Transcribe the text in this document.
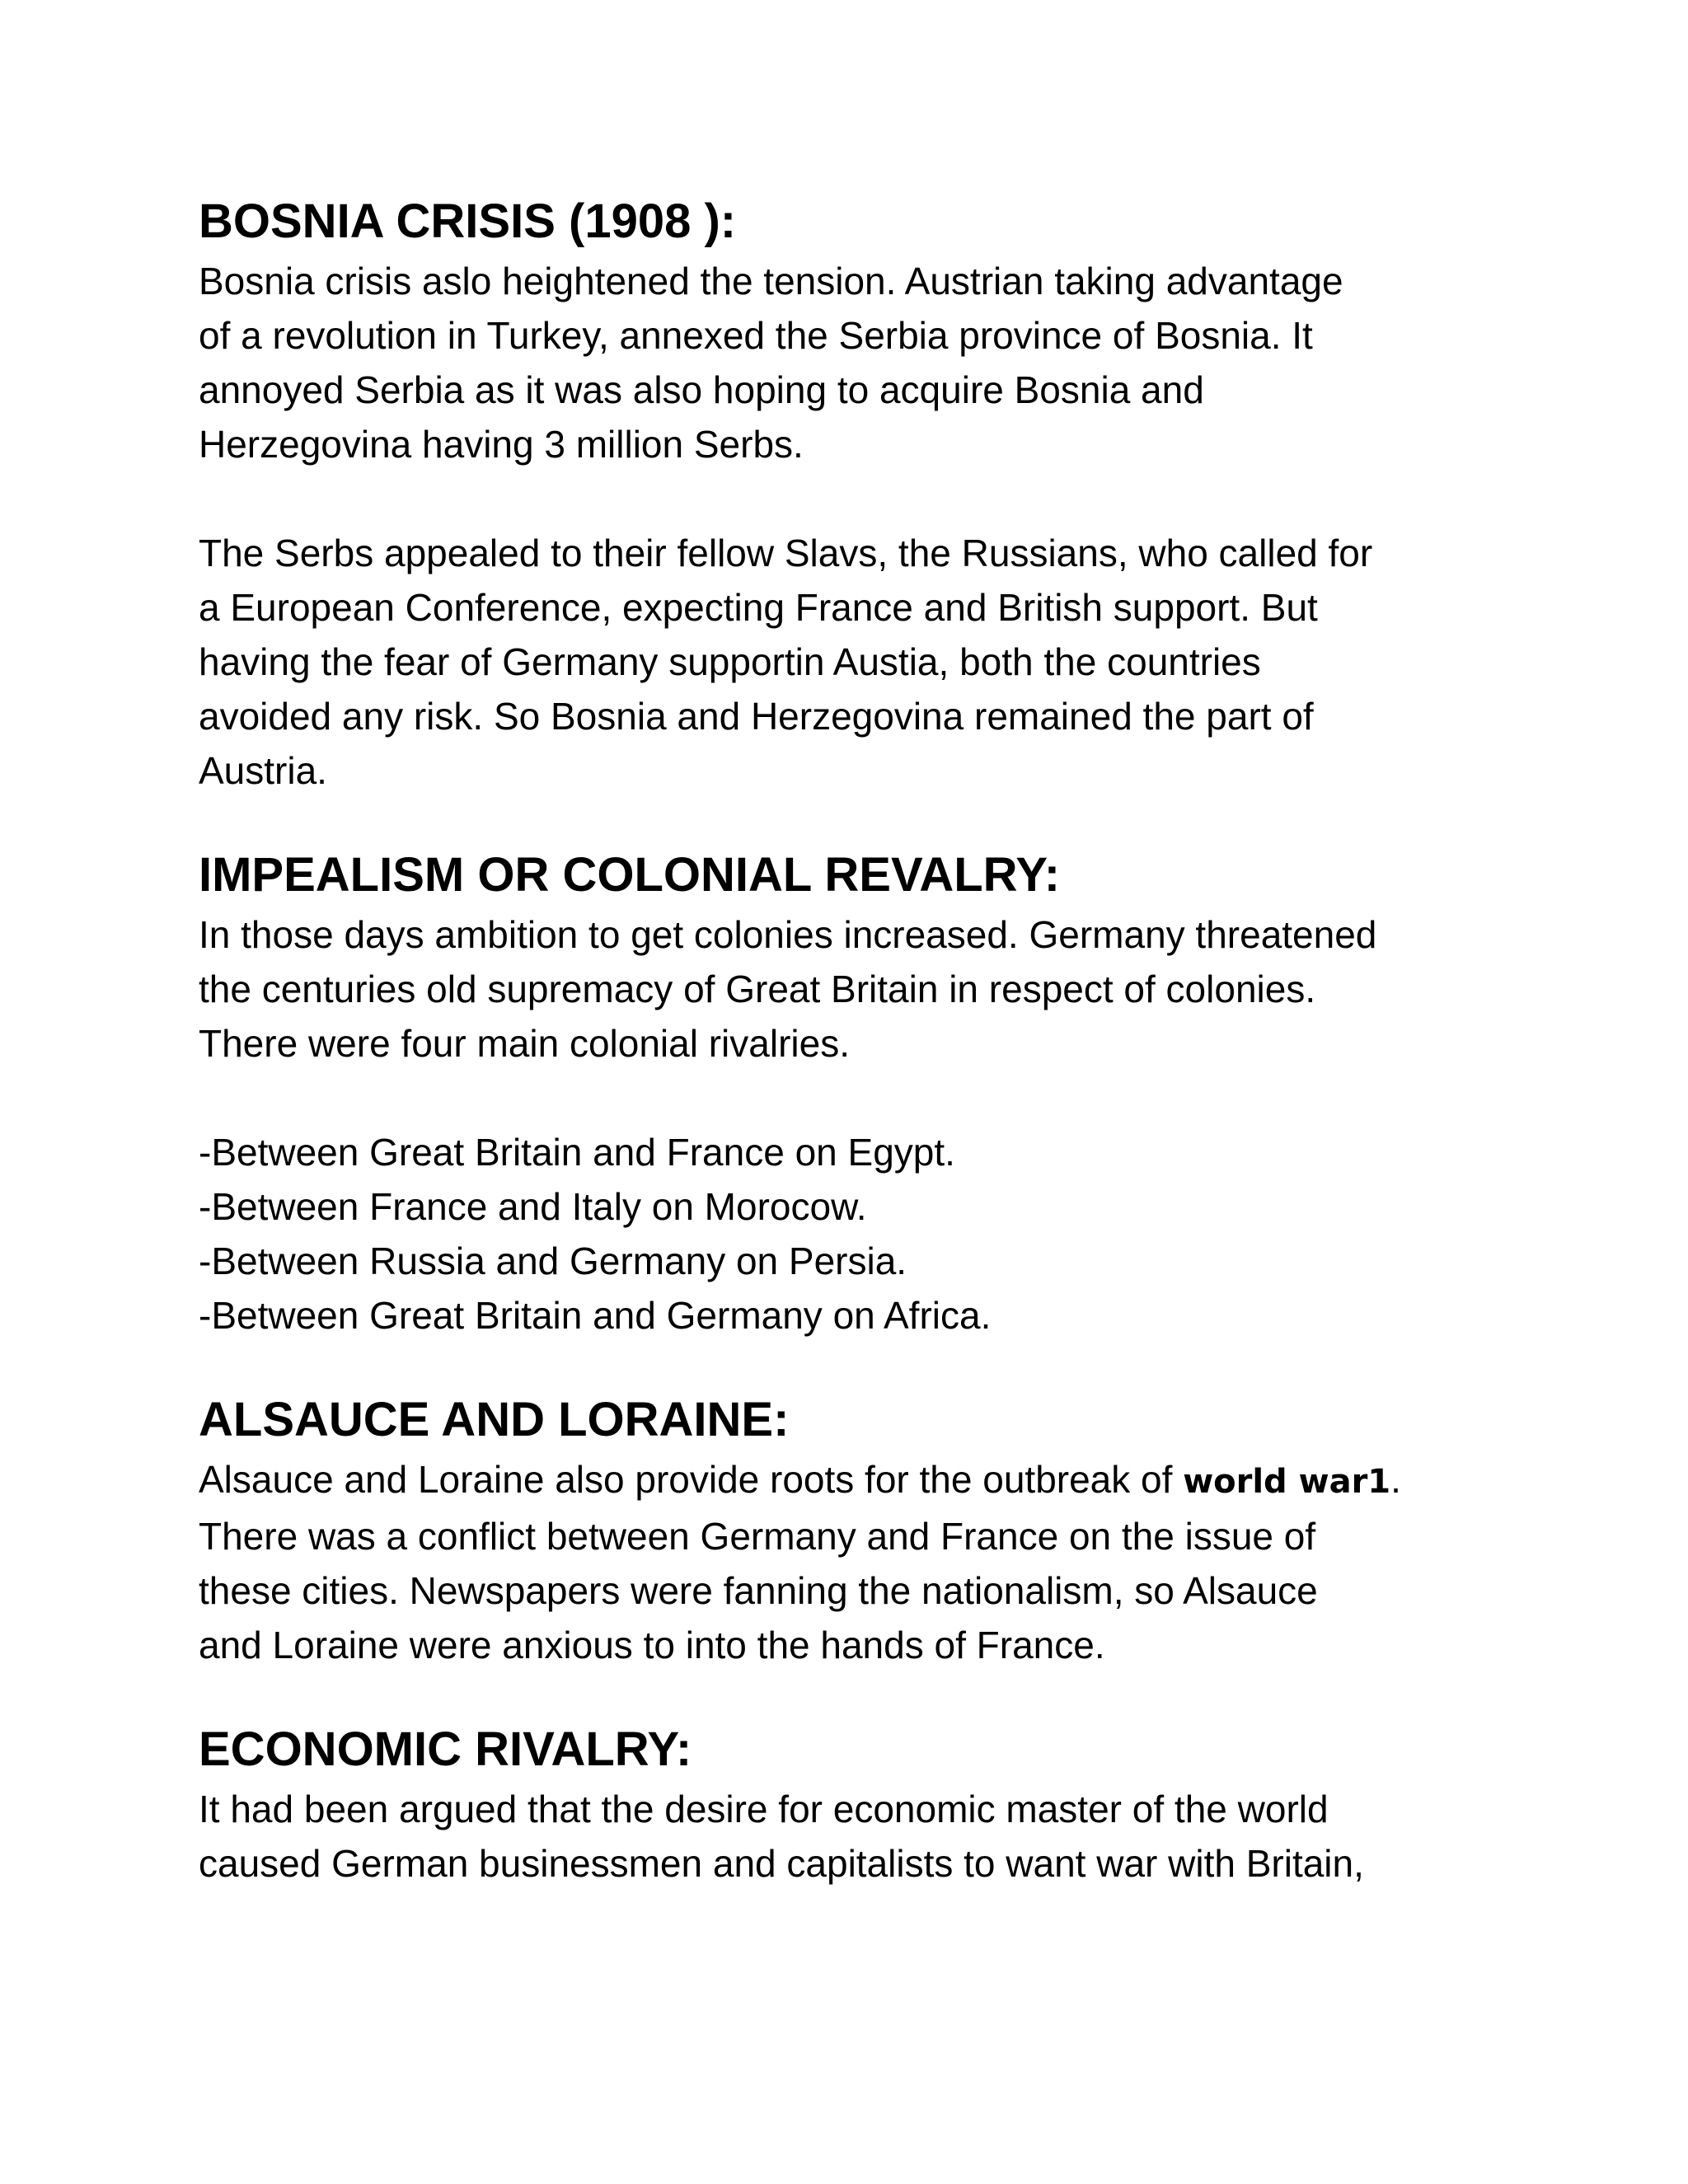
BOSNIA CRISIS (1908 ):

Bosnia crisis aslo heightened the tension. Austrian taking advantage
of a revolution in Turkey, annexed the Serbia province of Bosnia. It
annoyed Serbia as it was also hoping to acquire Bosnia and
Herzegovina having 3 million Serbs.

The Serbs appealed to their fellow Slavs, the Russians, who called for
a European Conference, expecting France and British support. But
having the fear of Germany supportin Austia, both the countries
avoided any risk. So Bosnia and Herzegovina remained the part of
Austria.

IMPEALISM OR COLONIAL REVALRY:

In those days ambition to get colonies increased. Germany threatened
the centuries old supremacy of Great Britain in respect of colonies.
There were four main colonial rivalries.

-Between Great Britain and France on Egypt.
-Between France and Italy on Morocow.
-Between Russia and Germany on Persia.
-Between Great Britain and Germany on Africa.

ALSAUCE AND LORAINE:

Alsauce and Loraine also provide roots for the outbreak of world war1.
There was a conflict between Germany and France on the issue of
these cities. Newspapers were fanning the nationalism, so Alsauce
and Loraine were anxious to into the hands of France.

ECONOMIC RIVALRY:

It had been argued that the desire for economic master of the world
caused German businessmen and capitalists to want war with Britain,
